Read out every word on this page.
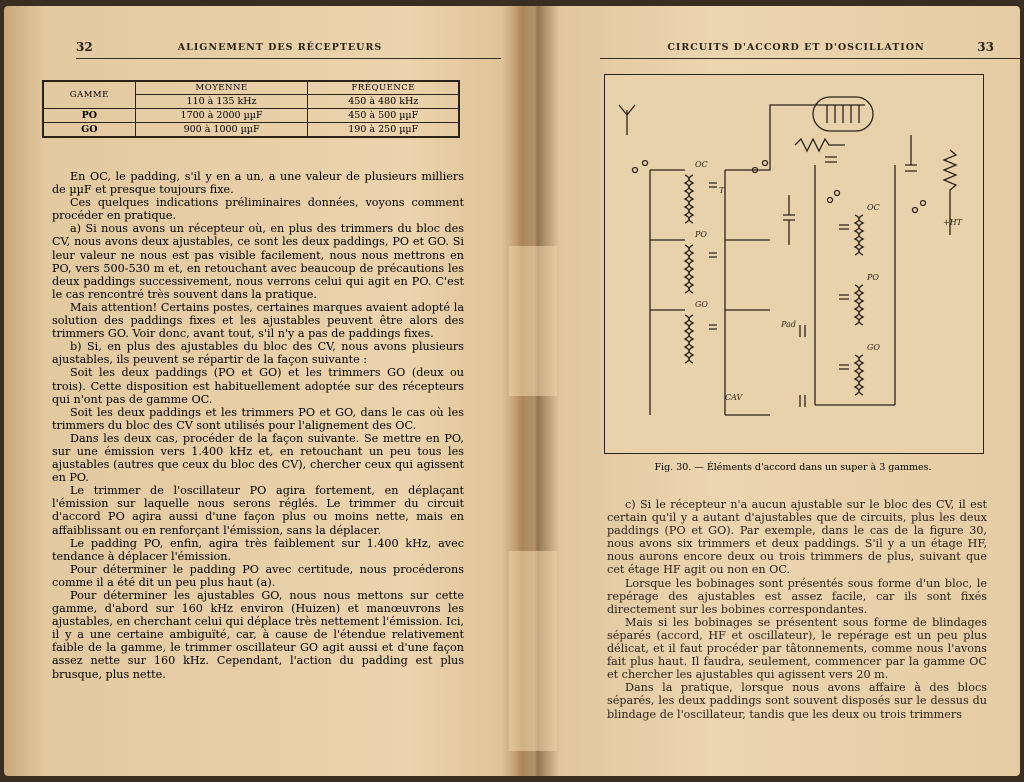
32	ALIGNEMENT DES RÉCEPTEURS
GAMME	MOYENNE	FRÉQUENCE
	110 à 135 kHz	450 à 480 kHz
PO	1700 à 2000 µµF	450 à 500 µµF
GO	900 à 1000 µµF	190 à 250 µµF

En OC, le padding, s'il y en a un, a une valeur de plusieurs milliers de µµF et presque toujours fixe.

Ces quelques indications préliminaires données, voyons comment procéder en pratique.

a) Si nous avons un récepteur où, en plus des trimmers du bloc des CV, nous avons deux ajustables, ce sont les deux paddings, PO et GO. Si leur valeur ne nous est pas visible facilement, nous nous mettrons en PO, vers 500-530 m et, en retouchant avec beaucoup de précautions les deux paddings successivement, nous verrons celui qui agit en PO. C'est le cas rencontré très souvent dans la pratique.

Mais attention! Certains postes, certaines marques avaient adopté la solution des paddings fixes et les ajustables peuvent être alors des trimmers GO. Voir donc, avant tout, s'il n'y a pas de paddings fixes.

b) Si, en plus des ajustables du bloc des CV, nous avons plusieurs ajustables, ils peuvent se répartir de la façon suivante :

Soit les deux paddings (PO et GO) et les trimmers GO (deux ou trois). Cette disposition est habituellement adoptée sur des récepteurs qui n'ont pas de gamme OC.

Soit les deux paddings et les trimmers PO et GO, dans le cas où les trimmers du bloc des CV sont utilisés pour l'alignement des OC.

Dans les deux cas, procéder de la façon suivante. Se mettre en PO, sur une émission vers 1.400 kHz et, en retouchant un peu tous les ajustables (autres que ceux du bloc des CV), chercher ceux qui agissent en PO.

Le trimmer de l'oscillateur PO agira fortement, en déplaçant l'émission sur laquelle nous serons réglés. Le trimmer du circuit d'accord PO agira aussi d'une façon plus ou moins nette, mais en affaiblissant ou en renforçant l'émission, sans la déplacer.

Le padding PO, enfin, agira très faiblement sur 1.400 kHz, avec tendance à déplacer l'émission.

Pour déterminer le padding PO avec certitude, nous procéderons comme il a été dit un peu plus haut (a).

Pour déterminer les ajustables GO, nous nous mettons sur cette gamme, d'abord sur 160 kHz environ (Huizen) et manœuvrons les ajustables, en cherchant celui qui déplace très nettement l'émission. Ici, il y a une certaine ambiguïté, car, à cause de l'étendue relativement faible de la gamme, le trimmer oscillateur GO agit aussi et d'une façon assez nette sur 160 kHz. Cependant, l'action du padding est plus brusque, plus nette.

33
CIRCUITS D'ACCORD ET D'OSCILLATION
OC
PO
GO
OC
PO
GO
T
Pad
CAV
+HT
Fig. 30. — Éléments d'accord dans un super à 3 gammes.

c) Si le récepteur n'a aucun ajustable sur le bloc des CV, il est certain qu'il y a autant d'ajustables que de circuits, plus les deux paddings (PO et GO). Par exemple, dans le cas de la figure 30, nous avons six trimmers et deux paddings. S'il y a un étage HF, nous aurons encore deux ou trois trimmers de plus, suivant que cet étage HF agit ou non en OC.

Lorsque les bobinages sont présentés sous forme d'un bloc, le repérage des ajustables est assez facile, car ils sont fixés directement sur les bobines correspondantes.

Mais si les bobinages se présentent sous forme de blindages séparés (accord, HF et oscillateur), le repérage est un peu plus délicat, et il faut procéder par tâtonnements, comme nous l'avons fait plus haut. Il faudra, seulement, commencer par la gamme OC et chercher les ajustables qui agissent vers 20 m.

Dans la pratique, lorsque nous avons affaire à des blocs séparés, les deux paddings sont souvent disposés sur le dessus du blindage de l'oscillateur, tandis que les deux ou trois trimmers
